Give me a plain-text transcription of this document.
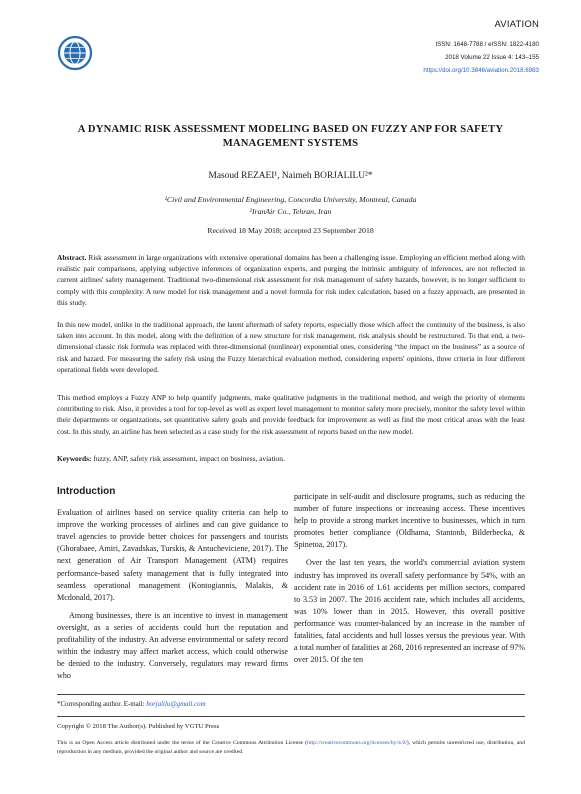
AVIATION
ISSN: 1648-7788 / eISSN: 1822-4180
2018 Volume 22 Issue 4: 143–155
https://doi.org/10.3846/aviation.2018.6983
A DYNAMIC RISK ASSESSMENT MODELING BASED ON FUZZY ANP FOR SAFETY MANAGEMENT SYSTEMS
Masoud REZAEI¹, Naimeh BORJALILU²*
¹Civil and Environmental Engineering, Concordia University, Montreal, Canada
²IranAir Co., Tehran, Iran
Received 18 May 2018; accepted 23 September 2018
Abstract. Risk assessment in large organizations with extensive operational domains has been a challenging issue. Employing an efficient method along with realistic pair comparisons, applying subjective inferences of organization experts, and purging the intrinsic ambiguity of inferences, are not reflected in current airlines' safety management. Traditional two-dimensional risk assessment for risk management of safety hazards, however, is no longer sufficient to comply with this complexity. A new model for risk management and a novel formula for risk index calculation, based on a fuzzy approach, are presented in this study.
In this new model, unlike in the traditional approach, the latent aftermath of safety reports, especially those which affect the continuity of the business, is also taken into account. In this model, along with the definition of a new structure for risk management, risk analysis should be restructured. To that end, a two-dimensional classic risk formula was replaced with three-dimensional (nonlinear) exponential ones, considering “the impact on the business” as a source of risk and hazard. For measuring the safety risk using the Fuzzy hierarchical evaluation method, considering experts' opinions, three criteria in four different operational fields were developed.
This method employs a Fuzzy ANP to help quantify judgments, make qualitative judgments in the traditional method, and weigh the priority of elements contributing to risk. Also, it provides a tool for top-level as well as expert level management to monitor safety more precisely, monitor the safety level within their departments or organizations, set quantitative safety goals and provide feedback for improvement as well as find the most critical areas with the least cost. In this study, an airline has been selected as a case study for the risk assessment of reports based on the new model.
Keywords: fuzzy, ANP, safety risk assessment, impact on business, aviation.
Introduction

Evaluation of airlines based on service quality criteria can help to improve the working processes of airlines and can give guidance to travel agencies to provide better choices for passengers and tourists (Ghorabaee, Amiri, Zavadskas, Turskis, & Antucheviciene, 2017). The next generation of Air Transport Management (ATM) requires performance-based safety management that is fully integrated into seamless operational management (Kontogiannis, Malakis, & Mcdonald, 2017).

Among businesses, there is an incentive to invest in management oversight, as a series of accidents could hurt the reputation and profitability of the industry. An adverse environmental or safety record within the industry may affect market access, which could otherwise be denied to the industry. Conversely, regulators may reward firms who

participate in self-audit and disclosure programs, such as reducing the number of future inspections or increasing access. These incentives help to provide a strong market incentive to businesses, which in turn promotes better compliance (Oldhama, Stantonb, Bilderbecka, & Spinetoa, 2017).

Over the last ten years, the world's commercial aviation system industry has improved its overall safety performance by 54%, with an accident rate in 2016 of 1.61 accidents per million sectors, compared to 3.53 in 2007. The 2016 accident rate, which includes all accidents, was 10% lower than in 2015. However, this overall positive performance was counter-balanced by an increase in the number of fatalities, fatal accidents and hull losses versus the previous year. With a total number of fatalities at 268, 2016 represented an increase of 97% over 2015. Of the ten

*Corresponding author. E-mail: borjalilu@gmail.com
Copyright © 2018 The Author(s). Published by VGTU Press
This is an Open Access article distributed under the terms of the Creative Commons Attribution License (http://creativecommons.org/licenses/by/4.0/), which permits unrestricted use, distribution, and reproduction in any medium, provided the original author and source are credited.
